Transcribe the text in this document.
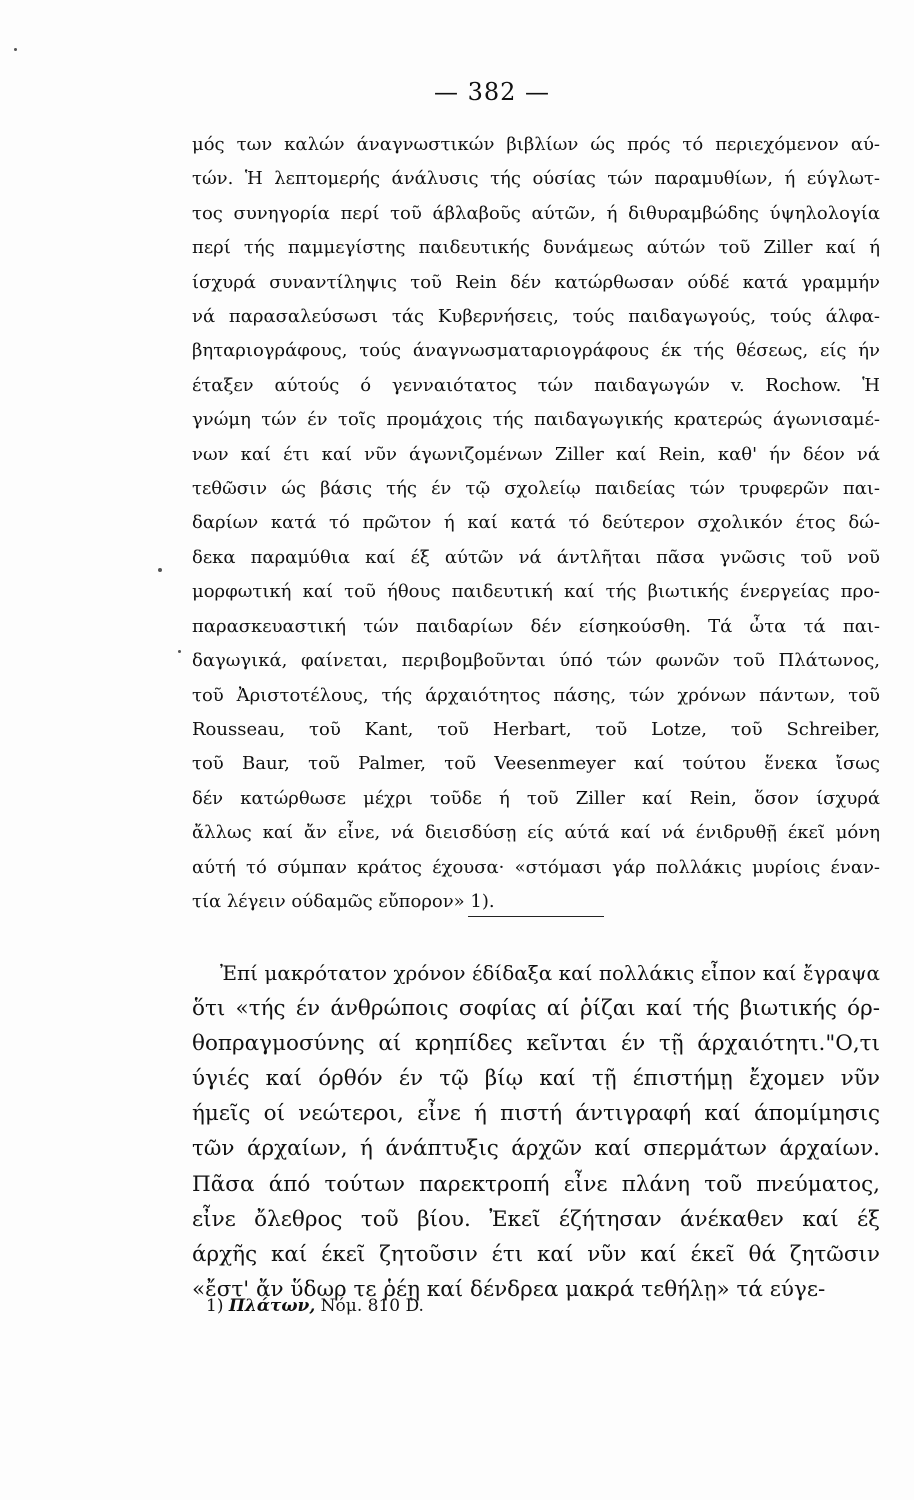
— 382 —
μός των καλών άναγνωστικών βιβλίων ώς πρός τό περιεχόμενον αύ-
τών. Ἡ λεπτομερής άνάλυσις τής ούσίας τών παραμυθίων, ή εύγλωτ-
τος συνηγορία περί τοῦ άβλαβοῦς αύτῶν, ή διθυραμβώδης ύψηλολογία
περί τής παμμεγίστης παιδευτικής δυνάμεως αύτών τοῦ Ziller καί ή
ίσχυρά συναντίληψις τοῦ Rein δέν κατώρθωσαν ούδέ κατά γραμμήν
νά παρασαλεύσωσι τάς Κυβερνήσεις, τούς παιδαγωγούς, τούς άλφα-
βηταριογράφους, τούς άναγνωσματαριογράφους έκ τής θέσεως, είς ήν
έταξεν αύτούς ό γενναιότατος τών παιδαγωγών v. Rochow. Ἡ
γνώμη τών έν τοῖς προμάχοις τής παιδαγωγικής κρατερώς άγωνισαμέ-
νων καί έτι καί νῦν άγωνιζομένων Ziller καί Rein, καθ' ήν δέον νά
τεθῶσιν ώς βάσις τής έν τῷ σχολείῳ παιδείας τών τρυφερῶν παι-
δαρίων κατά τό πρῶτον ή καί κατά τό δεύτερον σχολικόν έτος δώ-
δεκα παραμύθια καί έξ αύτῶν νά άντλῆται πᾶσα γνῶσις τοῦ νοῦ
μορφωτική καί τοῦ ήθους παιδευτική καί τής βιωτικής ένεργείας προ-
παρασκευαστική τών παιδαρίων δέν είσηκούσθη. Τά ὦτα τά παι-
δαγωγικά, φαίνεται, περιβομβοῦνται ύπό τών φωνῶν τοῦ Πλάτωνος,
τοῦ Ἀριστοτέλους, τής άρχαιότητος πάσης, τών χρόνων πάντων, τοῦ
Rousseau, τοῦ Kant, τοῦ Herbart, τοῦ Lotze, τοῦ Schreiber,
τοῦ Baur, τοῦ Palmer, τοῦ Veesenmeyer καί τούτου ἕνεκα ἴσως
δέν κατώρθωσε μέχρι τοῦδε ή τοῦ Ziller καί Rein, ὅσον ίσχυρά
ἄλλως καί ἄν εἶνε, νά διεισδύσῃ είς αύτά καί νά ένιδρυθῇ έκεῖ μόνη
αύτή τό σύμπαν κράτος έχουσα· «στόμασι γάρ πολλάκις μυρίοις έναν-
τία λέγειν ούδαμῶς εὔπορον» 1).
Ἐπί μακρότατον χρόνον έδίδαξα καί πολλάκις εἶπον καί ἔγραψα
ὅτι «τής έν άνθρώποις σοφίας αί ῥίζαι καί τής βιωτικής όρ-
θοπραγμοσύνης αί κρηπίδες κεῖνται έν τῇ άρχαιότητι."Ο,τι
ύγιές καί όρθόν έν τῷ βίῳ καί τῇ έπιστήμῃ ἔχομεν νῦν
ήμεῖς οί νεώτεροι, εἶνε ή πιστή άντιγραφή καί άπομίμησις
τῶν άρχαίων, ή άνάπτυξις άρχῶν καί σπερμάτων άρχαίων.
Πᾶσα άπό τούτων παρεκτροπή εἶνε πλάνη τοῦ πνεύματος,
εἶνε ὄλεθρος τοῦ βίου. Ἐκεῖ έζήτησαν άνέκαθεν καί έξ
άρχῆς καί έκεῖ ζητοῦσιν έτι καί νῦν καί έκεῖ θά ζητῶσιν
«ἔστ' ἄν ὕδωρ τε ῥέῃ καί δένδρεα μακρά τεθήλῃ» τά εύγε-
1) Πλάτων, Νόμ. 810 D.
